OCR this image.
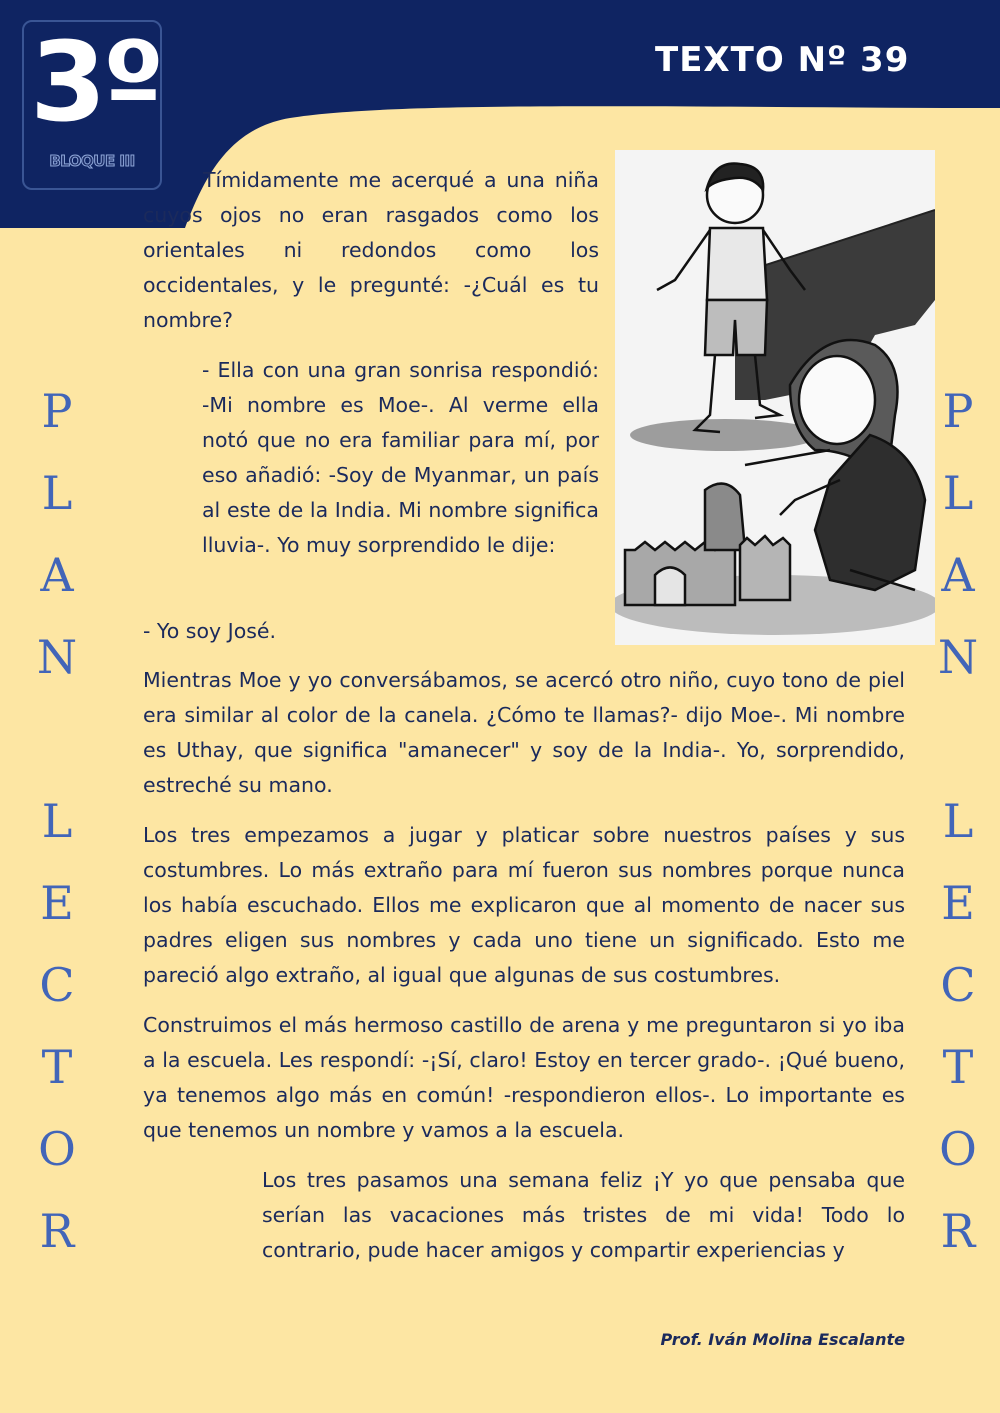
3º
BLOQUE III
TEXTO Nº 39
P
L
A
N
L
E
C
T
O
R
P
L
A
N
L
E
C
T
O
R
Tímidamente me acerqué a una niña cuyos ojos no eran rasgados como los orientales ni redondos como los occidentales, y le pregunté: -¿Cuál es tu nombre?
- Ella con una gran sonrisa respondió: -Mi nombre es Moe-. Al verme ella notó que no era familiar para mí, por eso añadió: -Soy de Myanmar, un país al este de la India. Mi nombre significa lluvia-. Yo muy sorprendido le dije:
- Yo soy José.
Mientras Moe y yo conversábamos, se acercó otro niño, cuyo tono de piel era similar al color de la canela. ¿Cómo te llamas?- dijo Moe-. Mi nombre es Uthay, que significa "amanecer" y soy de la India-. Yo, sorprendido, estreché su mano.
Los tres empezamos a jugar y platicar sobre nuestros países y sus costumbres. Lo más extraño para mí fueron sus nombres porque nunca los había escuchado. Ellos me explicaron que al momento de nacer sus padres eligen sus nombres y cada uno tiene un significado. Esto me pareció algo extraño, al igual que algunas de sus costumbres.
Construimos el más hermoso castillo de arena y me preguntaron si yo iba a la escuela. Les respondí: -¡Sí, claro! Estoy en tercer grado-. ¡Qué bueno, ya tenemos algo más en común! -respondieron ellos-. Lo importante es que tenemos un nombre y vamos a la escuela.
Los tres pasamos una semana feliz ¡Y yo que pensaba que serían las vacaciones más tristes de mi vida! Todo lo contrario, pude hacer amigos y compartir experiencias y
Prof. Iván Molina Escalante
